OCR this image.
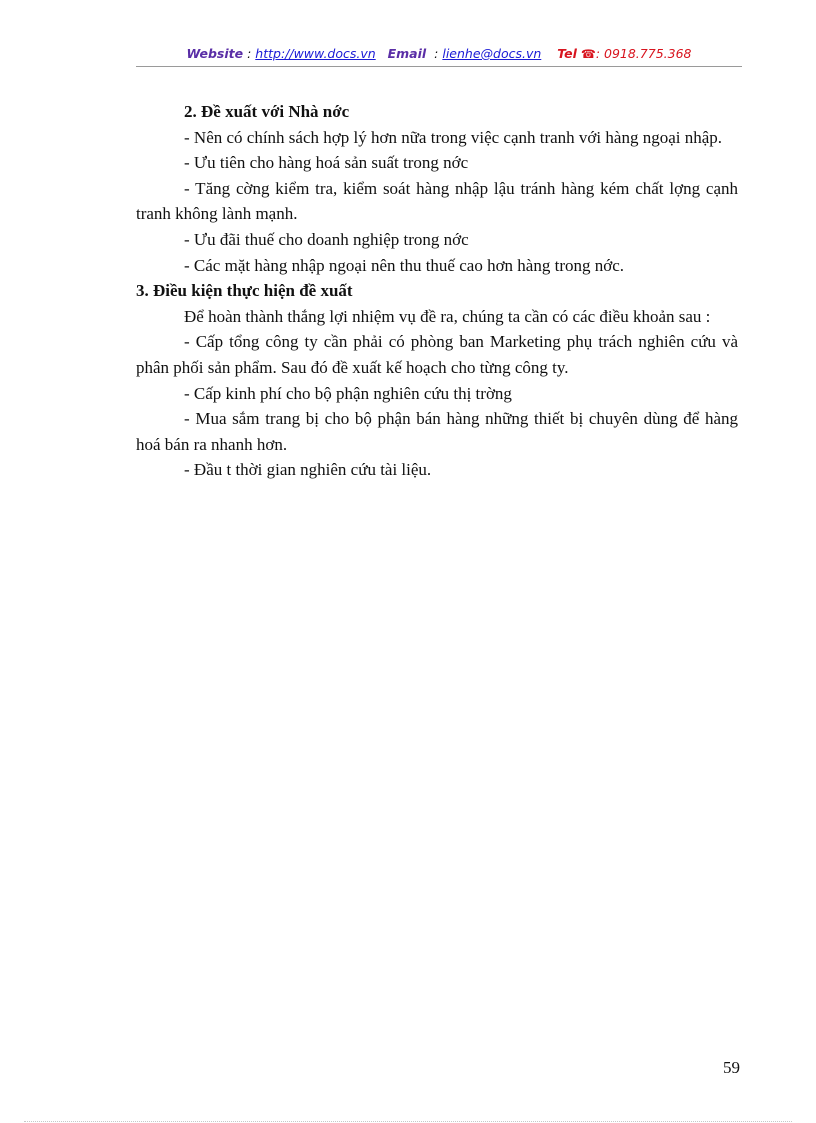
Website : http://www.docs.vn Email  : lienhe@docs.vn Tel ☎: 0918.775.368

2. Đề xuất với Nhà nớc

- Nên có chính sách hợp lý hơn nữa trong việc cạnh tranh với hàng ngoại nhập.

- Ưu tiên cho hàng hoá sản suất trong nớc

- Tăng cờng kiểm tra, kiểm soát hàng nhập lậu tránh hàng kém chất lợng cạnh tranh không lành mạnh.

- Ưu đãi thuế cho doanh nghiệp trong nớc

- Các mặt hàng nhập ngoại nên thu thuế cao hơn hàng trong nớc.

3. Điều kiện thực hiện đề xuất

Để hoàn thành thắng lợi nhiệm vụ đề ra, chúng ta cần có các điều khoản sau :

- Cấp tổng công ty cần phải có phòng ban Marketing phụ trách nghiên cứu và phân phối sản phẩm. Sau đó đề xuất kế hoạch cho từng công ty.

- Cấp kinh phí cho bộ phận nghiên cứu thị trờng

- Mua sắm trang bị cho bộ phận bán hàng những thiết bị chuyên dùng để hàng hoá bán ra nhanh hơn.

- Đầu t thời gian nghiên cứu tài liệu.

59
